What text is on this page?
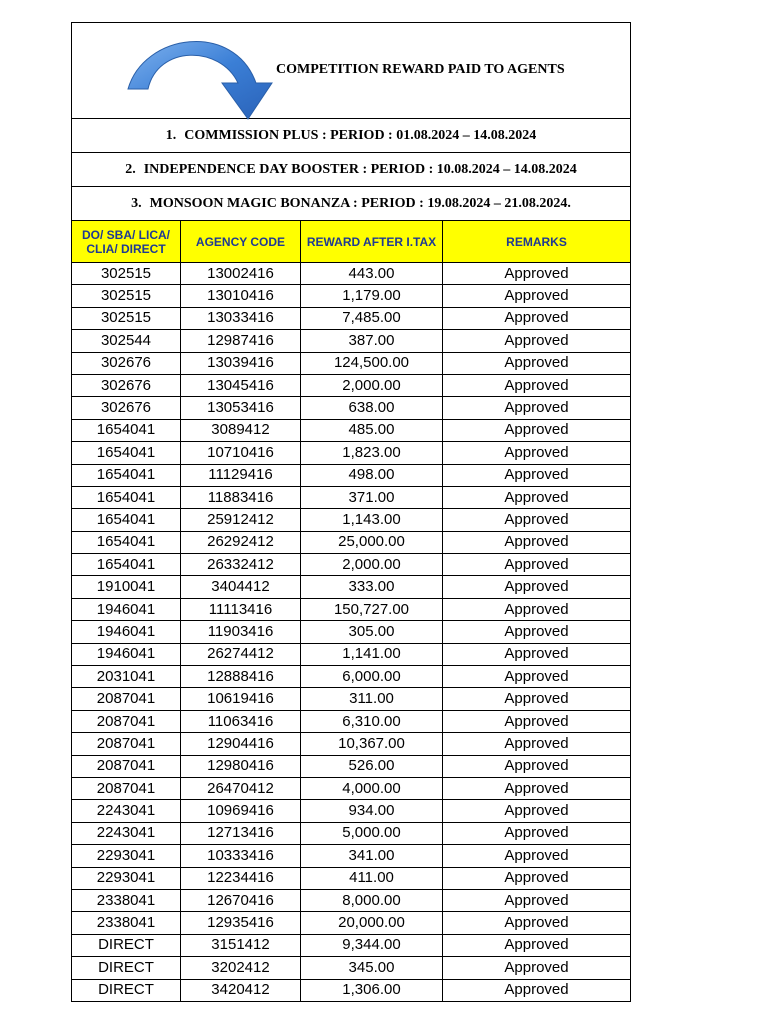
COMPETITION REWARD PAID TO AGENTS			

1. COMMISSION PLUS : PERIOD : 01.08.2024 – 14.08.2024			
2. INDEPENDENCE DAY BOOSTER : PERIOD : 10.08.2024 – 14.08.2024			
3. MONSOON MAGIC BONANZA : PERIOD : 19.08.2024 – 21.08.2024.			
DO/ SBA/ LICA/ CLIA/ DIRECT	AGENCY CODE	REWARD AFTER I.TAX	REMARKS
302515	13002416	443.00	Approved
302515	13010416	1,179.00	Approved
302515	13033416	7,485.00	Approved
302544	12987416	387.00	Approved
302676	13039416	124,500.00	Approved
302676	13045416	2,000.00	Approved
302676	13053416	638.00	Approved
1654041	3089412	485.00	Approved
1654041	10710416	1,823.00	Approved
1654041	11129416	498.00	Approved
1654041	11883416	371.00	Approved
1654041	25912412	1,143.00	Approved
1654041	26292412	25,000.00	Approved
1654041	26332412	2,000.00	Approved
1910041	3404412	333.00	Approved
1946041	11113416	150,727.00	Approved
1946041	11903416	305.00	Approved
1946041	26274412	1,141.00	Approved
2031041	12888416	6,000.00	Approved
2087041	10619416	311.00	Approved
2087041	11063416	6,310.00	Approved
2087041	12904416	10,367.00	Approved
2087041	12980416	526.00	Approved
2087041	26470412	4,000.00	Approved
2243041	10969416	934.00	Approved
2243041	12713416	5,000.00	Approved
2293041	10333416	341.00	Approved
2293041	12234416	411.00	Approved
2338041	12670416	8,000.00	Approved
2338041	12935416	20,000.00	Approved
DIRECT	3151412	9,344.00	Approved
DIRECT	3202412	345.00	Approved
DIRECT	3420412	1,306.00	Approved
